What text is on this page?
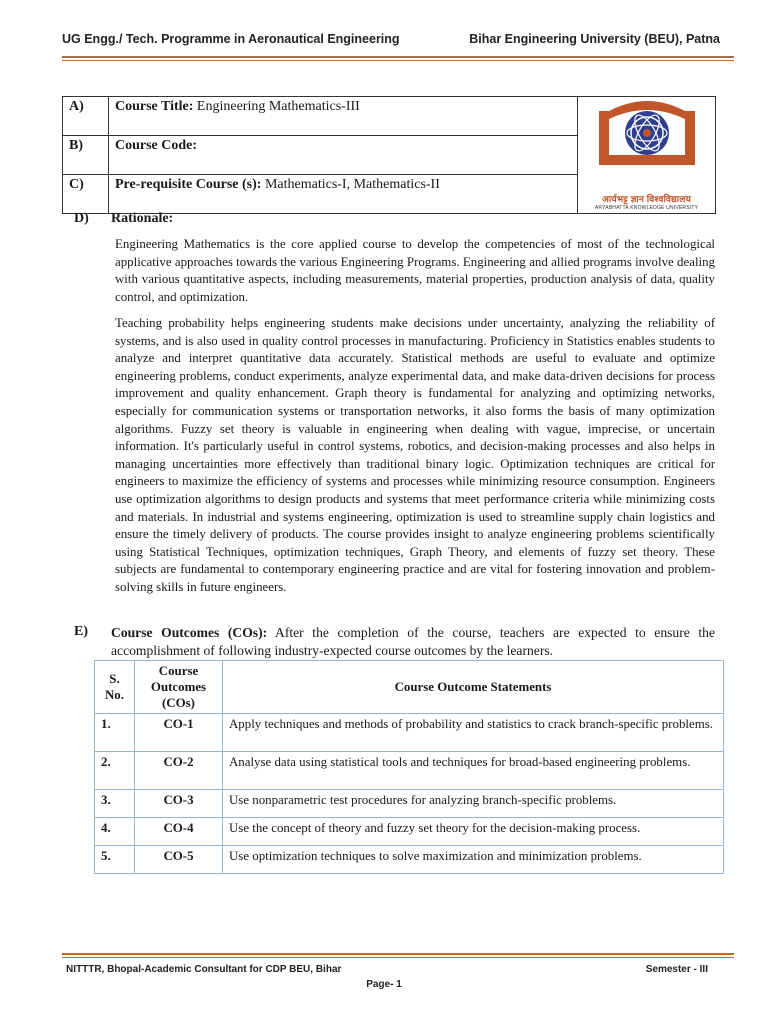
UG Engg./ Tech. Programme in Aeronautical Engineering	Bihar Engineering University (BEU), Patna
A)	Course Title: Engineering Mathematics-III	आर्यभट्ट ज्ञान विश्वविद्यालय
ARYABHATTA KNOWLEDGE UNIVERSITY

B)	Course Code:	
C)	Pre-requisite Course (s): Mathematics-I, Mathematics-II	
D) Rationale:

Engineering Mathematics is the core applied course to develop the competencies of most of the technological applicative approaches towards the various Engineering Programs. Engineering and allied programs involve dealing with various quantitative aspects, including measurements, material properties, production analysis of data, quality control, and optimization.

Teaching probability helps engineering students make decisions under uncertainty, analyzing the reliability of systems, and is also used in quality control processes in manufacturing. Proficiency in Statistics enables students to analyze and interpret quantitative data accurately. Statistical methods are useful to evaluate and optimize engineering problems, conduct experiments, analyze experimental data, and make data-driven decisions for process improvement and quality enhancement. Graph theory is fundamental for analyzing and optimizing networks, especially for communication systems or transportation networks, it also forms the basis of many optimization algorithms. Fuzzy set theory is valuable in engineering when dealing with vague, imprecise, or uncertain information. It's particularly useful in control systems, robotics, and decision-making processes and also helps in managing uncertainties more effectively than traditional binary logic. Optimization techniques are critical for engineers to maximize the efficiency of systems and processes while minimizing resource consumption. Engineers use optimization algorithms to design products and systems that meet performance criteria while minimizing costs and materials. In industrial and systems engineering, optimization is used to streamline supply chain logistics and ensure the timely delivery of products. The course provides insight to analyze engineering problems scientifically using Statistical Techniques, optimization techniques, Graph Theory, and elements of fuzzy set theory. These subjects are fundamental to contemporary engineering practice and are vital for fostering innovation and problem-solving skills in future engineers.

E) Course Outcomes (COs): After the completion of the course, teachers are expected to ensure the accomplishment of following industry-expected course outcomes by the learners.

S. No.	Course Outcomes (COs)	Course Outcome Statements
1.	CO-1	Apply techniques and methods of probability and statistics to crack branch-specific problems.
2.	CO-2	Analyse data using statistical tools and techniques for broad-based engineering problems.
3.	CO-3	Use nonparametric test procedures for analyzing branch-specific problems.
4.	CO-4	Use the concept of theory and fuzzy set theory for the decision-making process.
5.	CO-5	Use optimization techniques to solve maximization and minimization problems.
NITTTR, Bhopal-Academic Consultant for CDP BEU, Bihar	Semester - III
Page- 1
